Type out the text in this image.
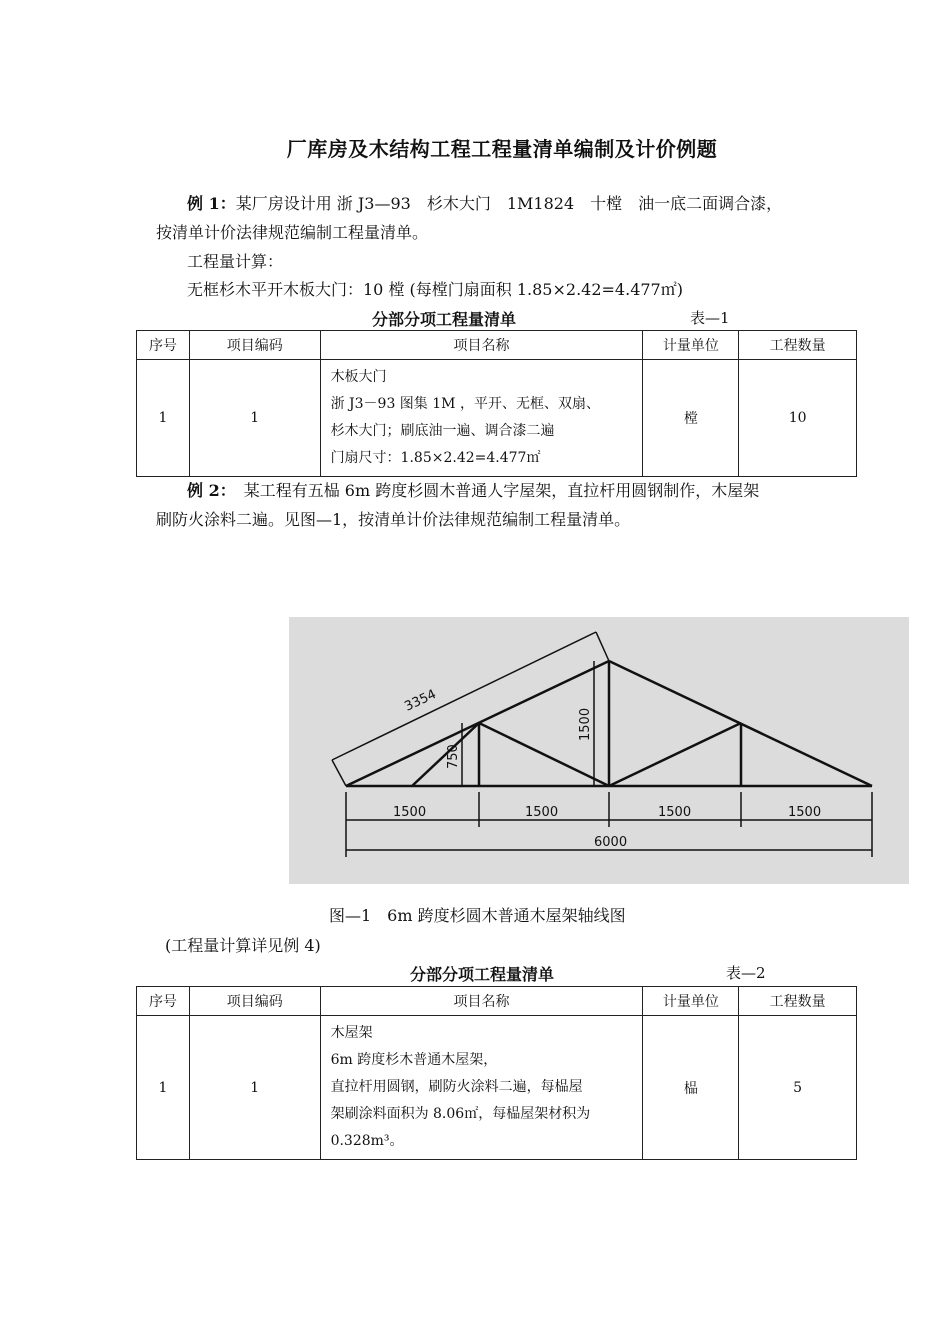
厂库房及木结构工程工程量清单编制及计价例题
例 1：某厂房设计用 浙 J3—93　杉木大门　1M1824　十樘　油一底二面调合漆，
按清单计价法律规范编制工程量清单。
工程量计算：
无框杉木平开木板大门：10 樘 (每樘门扇面积 1.85×2.42=4.477㎡)
分部分项工程量清单	表—1
序号	项目编码	项目名称	计量单位	工程数量
1	1	木板大门
浙 J3－93 图集 1M ，平开、无框、双扇、
杉木大门；刷底油一遍、调合漆二遍
门扇尺寸：1.85×2.42=4.477㎡	樘	10
例 2：　某工程有五榀 6m 跨度杉圆木普通人字屋架，直拉杆用圆钢制作，木屋架
刷防火涂料二遍。见图—1，按清单计价法律规范编制工程量清单。
3354
1500
750
1500	1500	1500	1500
6000
图—1　6m 跨度杉圆木普通木屋架轴线图
(工程量计算详见例 4)
分部分项工程量清单	表—2
序号	项目编码	项目名称	计量单位	工程数量
1	1	木屋架
6m 跨度杉木普通木屋架，
直拉杆用圆钢，刷防火涂料二遍，每榀屋
架刷涂料面积为 8.06㎡，每榀屋架材积为
0.328m³。	榀	5
